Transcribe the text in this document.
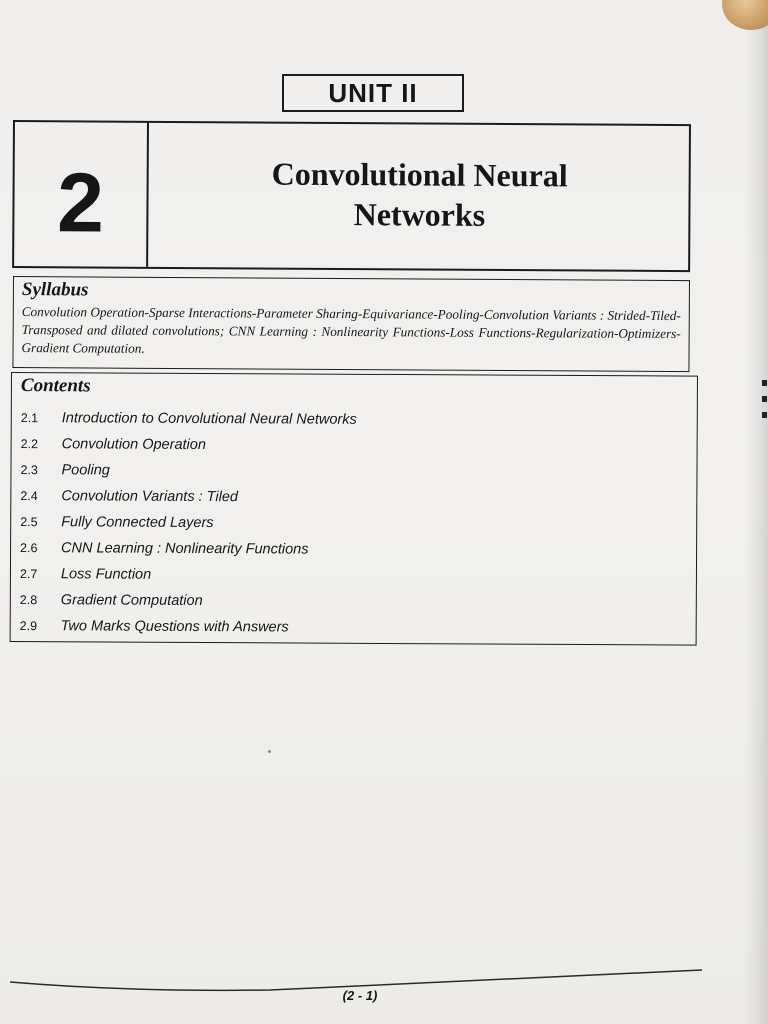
UNIT II
2	Convolutional Neural
Networks

Syllabus

Convolution Operation-Sparse Interactions-Parameter Sharing-Equivariance-Pooling-Convolution Variants : Strided-Tiled-Transposed and dilated convolutions; CNN Learning : Nonlinearity Functions-Loss Functions-Regularization-Optimizers-Gradient Computation.

Contents

2.1	Introduction to Convolutional Neural Networks
2.2	Convolution Operation
2.3	Pooling
2.4	Convolution Variants : Tiled
2.5	Fully Connected Layers
2.6	CNN Learning : Nonlinearity Functions
2.7	Loss Function
2.8	Gradient Computation
2.9	Two Marks Questions with Answers
(2 - 1)
